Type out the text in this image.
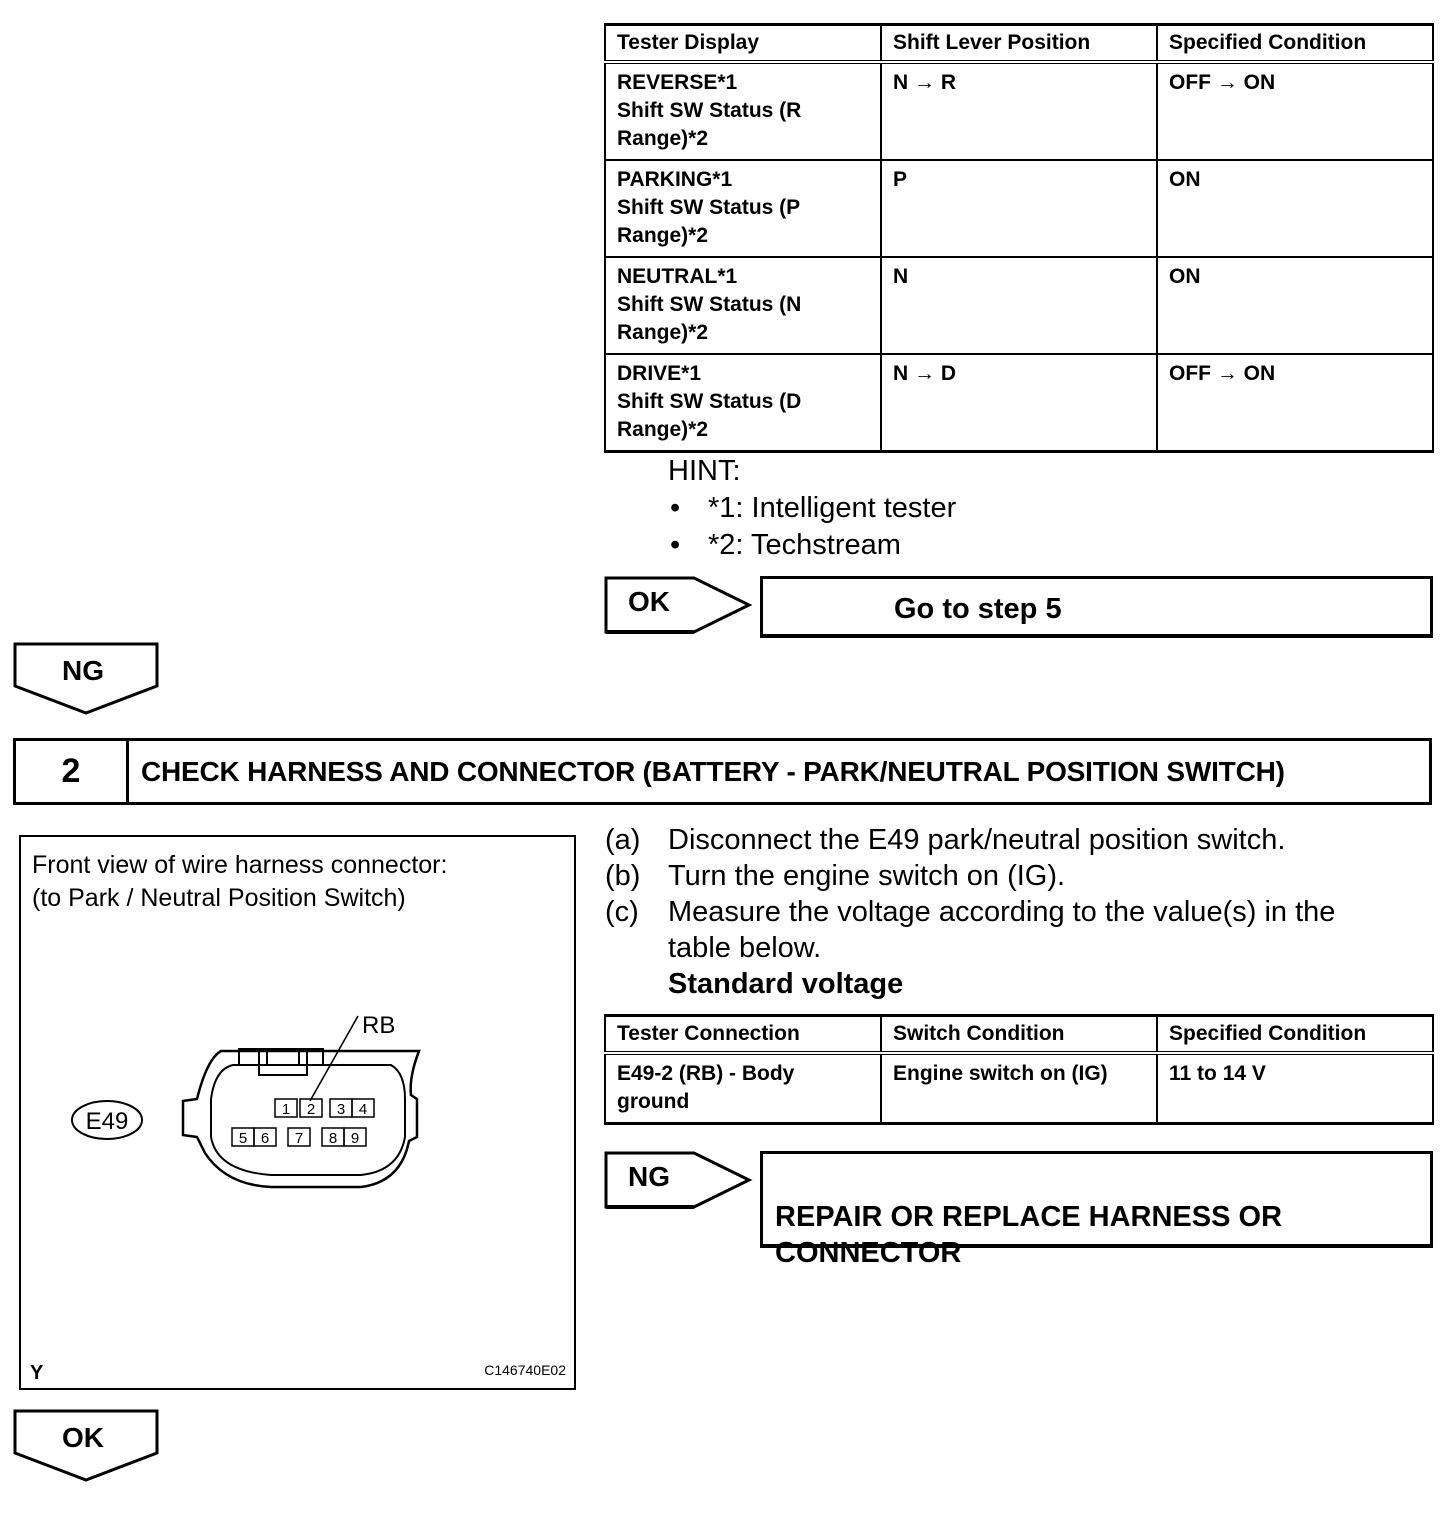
Tester Display	Shift Lever Position	Specified Condition
REVERSE*1
Shift SW Status (R
Range)*2	N → R	OFF → ON
PARKING*1
Shift SW Status (P
Range)*2	P	ON
NEUTRAL*1
Shift SW Status (N
Range)*2	N	ON
DRIVE*1
Shift SW Status (D
Range)*2	N → D	OFF → ON
HINT:
• *1: Intelligent tester
• *2: Techstream
OK	Go to step 5
NG
2	CHECK HARNESS AND CONNECTOR (BATTERY - PARK/NEUTRAL POSITION SWITCH)
Front view of wire harness connector:
(to Park / Neutral Position Switch)
1 2 3 4
5 6 7 8 9
RB
E49
Y	C146740E02
(a) Disconnect the E49 park/neutral position switch.
(b) Turn the engine switch on (IG).
(c)	Measure the voltage according to the value(s) in the
table below.
Standard voltage
Tester Connection	Switch Condition	Specified Condition
E49-2 (RB) - Body
ground	Engine switch on (IG)	11 to 14 V
NG

REPAIR OR REPLACE HARNESS OR
CONNECTOR

OK
